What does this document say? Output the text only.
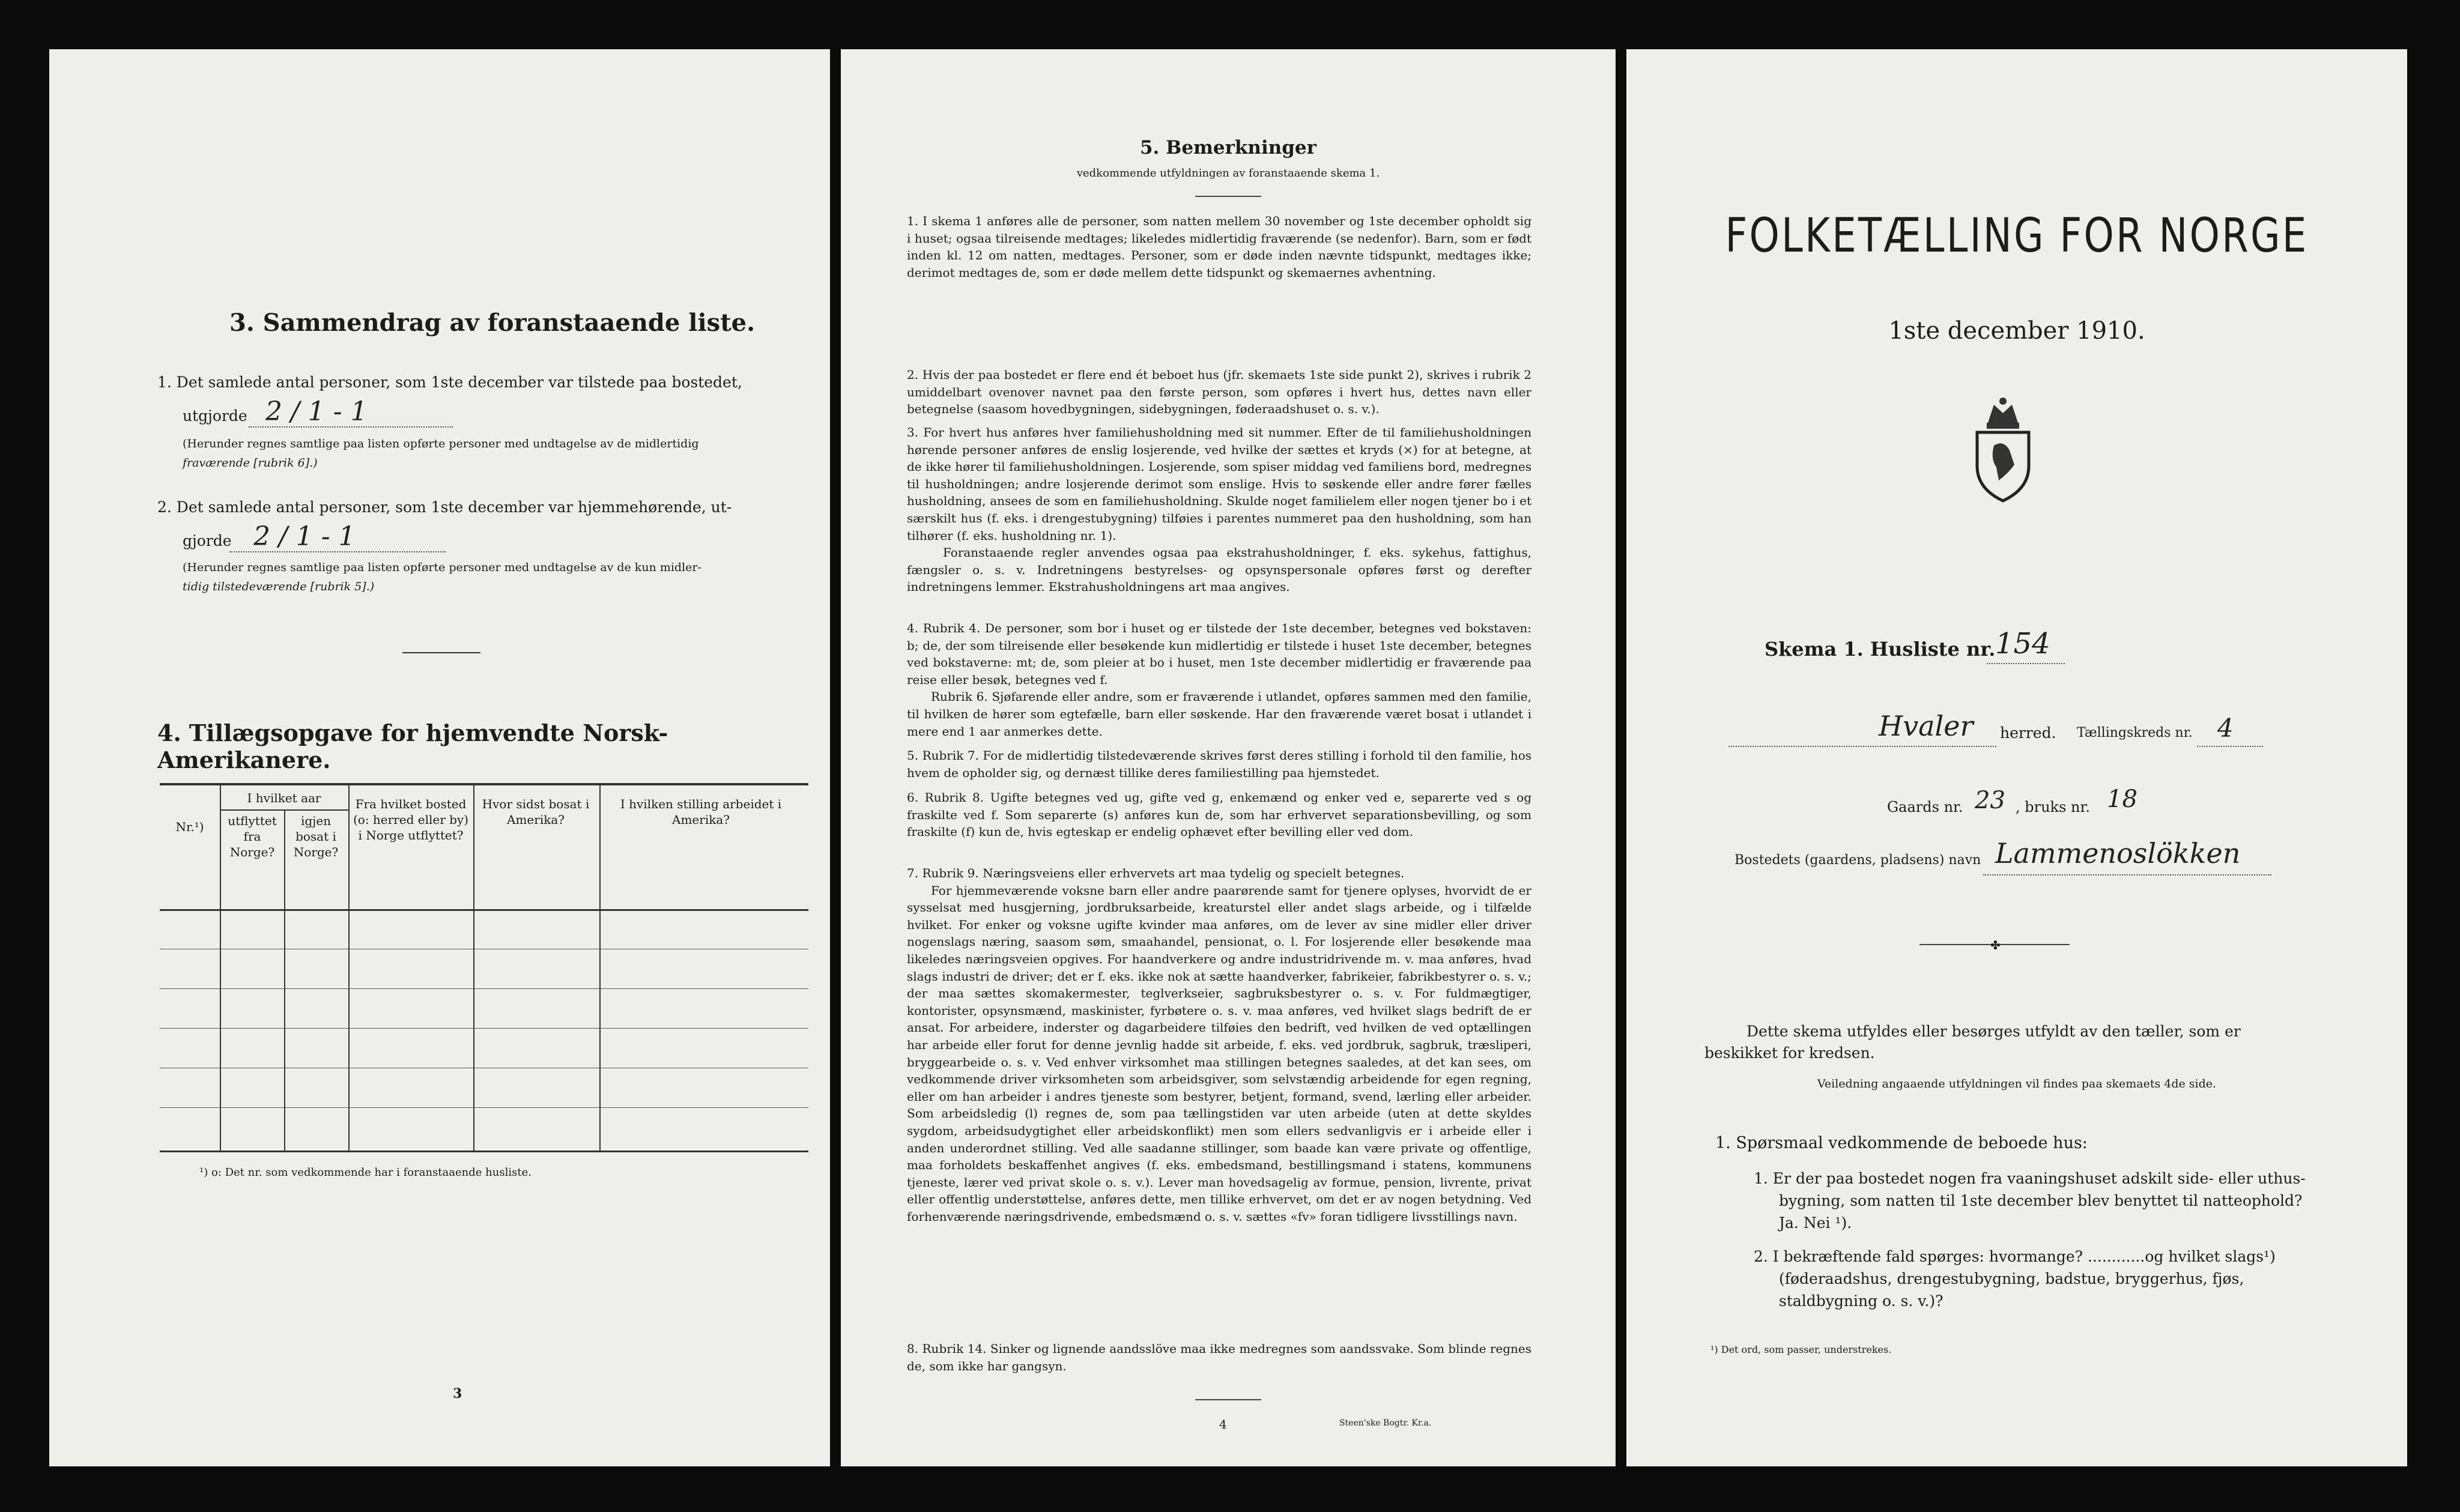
3. Sammendrag av foranstaaende liste.
1. Det samlede antal personer, som 1ste december var tilstede paa bostedet,
utgjorde 2 / 1 - 1
(Herunder regnes samtlige paa listen opførte personer med undtagelse av de midlertidig
fraværende [rubrik 6].)
2. Det samlede antal personer, som 1ste december var hjemmehørende, ut-
gjorde 2 / 1 - 1
(Herunder regnes samtlige paa listen opførte personer med undtagelse av de kun midler-
tidig tilstedeværende [rubrik 5].)
4. Tillægsopgave for hjemvendte Norsk-Amerikanere.
Nr.¹)
I hvilket aar
utflyttet fra Norge?
igjen bosat i Norge?
Fra hvilket bosted (o: herred eller by) i Norge utflyttet?
Hvor sidst bosat i Amerika?
I hvilken stilling arbeidet i Amerika?
¹) o: Det nr. som vedkommende har i foranstaaende husliste.
3
5. Bemerkninger
vedkommende utfyldningen av foranstaaende skema 1.

1. I skema 1 anføres alle de personer, som natten mellem 30 november og 1ste december opholdt sig i huset; ogsaa tilreisende medtages; likeledes midlertidig fraværende (se nedenfor). Barn, som er født inden kl. 12 om natten, medtages. Personer, som er døde inden nævnte tidspunkt, medtages ikke; derimot medtages de, som er døde mellem dette tidspunkt og skemaernes avhentning.

2. Hvis der paa bostedet er flere end ét beboet hus (jfr. skemaets 1ste side punkt 2), skrives i rubrik 2 umiddelbart ovenover navnet paa den første person, som opføres i hvert hus, dettes navn eller betegnelse (saasom hovedbygningen, sidebygningen, føderaadshuset o. s. v.).

3. For hvert hus anføres hver familiehusholdning med sit nummer. Efter de til familiehusholdningen hørende personer anføres de enslig losjerende, ved hvilke der sættes et kryds (×) for at betegne, at de ikke hører til familiehusholdningen. Losjerende, som spiser middag ved familiens bord, medregnes til husholdningen; andre losjerende derimot som enslige. Hvis to søskende eller andre fører fælles husholdning, ansees de som en familiehusholdning. Skulde noget familielem eller nogen tjener bo i et særskilt hus (f. eks. i drengestubygning) tilføies i parentes nummeret paa den husholdning, som han tilhører (f. eks. husholdning nr. 1).

Foranstaaende regler anvendes ogsaa paa ekstrahusholdninger, f. eks. sykehus, fattighus, fængsler o. s. v. Indretningens bestyrelses- og opsynspersonale opføres først og derefter indretningens lemmer. Ekstrahusholdningens art maa angives.

4. Rubrik 4. De personer, som bor i huset og er tilstede der 1ste december, betegnes ved bokstaven: b; de, der som tilreisende eller besøkende kun midlertidig er tilstede i huset 1ste december, betegnes ved bokstaverne: mt; de, som pleier at bo i huset, men 1ste december midlertidig er fraværende paa reise eller besøk, betegnes ved f.

Rubrik 6. Sjøfarende eller andre, som er fraværende i utlandet, opføres sammen med den familie, til hvilken de hører som egtefælle, barn eller søskende. Har den fraværende været bosat i utlandet i mere end 1 aar anmerkes dette.

5. Rubrik 7. For de midlertidig tilstedeværende skrives først deres stilling i forhold til den familie, hos hvem de opholder sig, og dernæst tillike deres familiestilling paa hjemstedet.

6. Rubrik 8. Ugifte betegnes ved ug, gifte ved g, enkemænd og enker ved e, separerte ved s og fraskilte ved f. Som separerte (s) anføres kun de, som har erhvervet separationsbevilling, og som fraskilte (f) kun de, hvis egteskap er endelig ophævet efter bevilling eller ved dom.

7. Rubrik 9. Næringsveiens eller erhvervets art maa tydelig og specielt betegnes.

For hjemmeværende voksne barn eller andre paarørende samt for tjenere oplyses, hvorvidt de er sysselsat med husgjerning, jordbruksarbeide, kreaturstel eller andet slags arbeide, og i tilfælde hvilket. For enker og voksne ugifte kvinder maa anføres, om de lever av sine midler eller driver nogenslags næring, saasom søm, smaahandel, pensionat, o. l. For losjerende eller besøkende maa likeledes næringsveien opgives. For haandverkere og andre industridrivende m. v. maa anføres, hvad slags industri de driver; det er f. eks. ikke nok at sætte haandverker, fabrikeier, fabrikbestyrer o. s. v.; der maa sættes skomakermester, teglverkseier, sagbruksbestyrer o. s. v. For fuldmægtiger, kontorister, opsynsmænd, maskinister, fyrbøtere o. s. v. maa anføres, ved hvilket slags bedrift de er ansat. For arbeidere, inderster og dagarbeidere tilføies den bedrift, ved hvilken de ved optællingen har arbeide eller forut for denne jevnlig hadde sit arbeide, f. eks. ved jordbruk, sagbruk, træsliperi, bryggearbeide o. s. v. Ved enhver virksomhet maa stillingen betegnes saaledes, at det kan sees, om vedkommende driver virksomheten som arbeidsgiver, som selvstændig arbeidende for egen regning, eller om han arbeider i andres tjeneste som bestyrer, betjent, formand, svend, lærling eller arbeider. Som arbeidsledig (l) regnes de, som paa tællingstiden var uten arbeide (uten at dette skyldes sygdom, arbeidsudygtighet eller arbeidskonflikt) men som ellers sedvanligvis er i arbeide eller i anden underordnet stilling. Ved alle saadanne stillinger, som baade kan være private og offentlige, maa forholdets beskaffenhet angives (f. eks. embedsmand, bestillingsmand i statens, kommunens tjeneste, lærer ved privat skole o. s. v.). Lever man hovedsagelig av formue, pension, livrente, privat eller offentlig understøttelse, anføres dette, men tillike erhvervet, om det er av nogen betydning. Ved forhenværende næringsdrivende, embedsmænd o. s. v. sættes «fv» foran tidligere livsstillings navn.

8. Rubrik 14. Sinker og lignende aandsslöve maa ikke medregnes som aandssvake. Som blinde regnes de, som ikke har gangsyn.

4	Steen'ske Bogtr. Kr.a.
FOLKETÆLLING FOR NORGE
1ste december 1910.
Skema 1. Husliste nr. 154
Hvaler herred. Tællingskreds nr. 4
Gaards nr. 23 , bruks nr. 18
Bostedets (gaardens, pladsens) navn Lammenoslökken
✤
Dette skema utfyldes eller besørges utfyldt av den tæller, som er beskikket for kredsen.
Veiledning angaaende utfyldningen vil findes paa skemaets 4de side.
1. Spørsmaal vedkommende de beboede hus:
1. Er der paa bostedet nogen fra vaaningshuset adskilt side- eller uthus-bygning, som natten til 1ste december blev benyttet til natteophold? Ja. Nei ¹).
2. I bekræftende fald spørges: hvormange? ............og hvilket slags¹) (føderaadshus, drengestubygning, badstue, bryggerhus, fjøs, staldbygning o. s. v.)?
¹) Det ord, som passer, understrekes.
